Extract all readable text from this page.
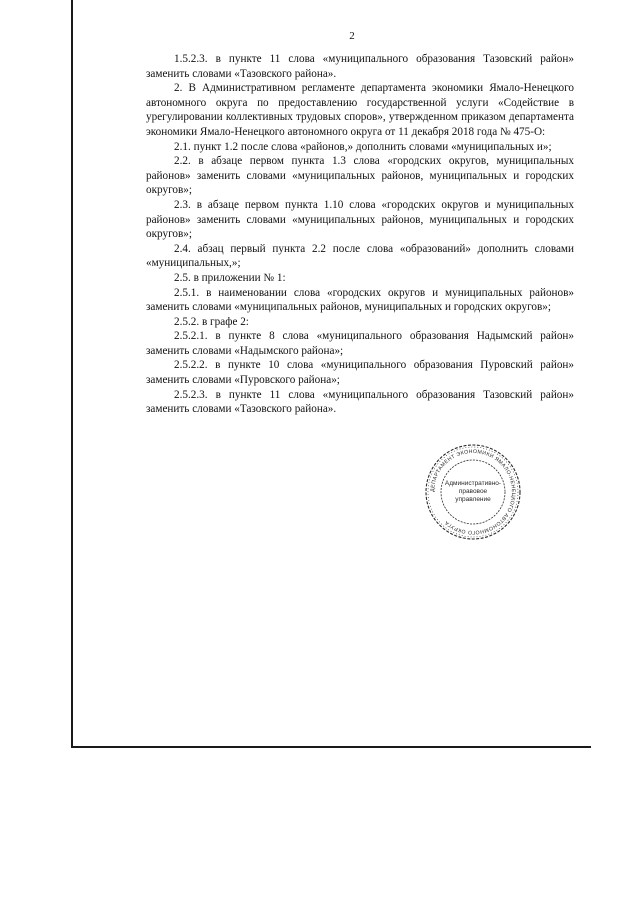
2

1.5.2.3. в пункте 11 слова «муниципального образования Тазовский район» заменить словами «Тазовского района».

2. В Административном регламенте департамента экономики Ямало-Ненецкого автономного округа по предоставлению государственной услуги «Содействие в урегулировании коллективных трудовых споров», утвержденном приказом департамента экономики Ямало-Ненецкого автономного округа от 11 декабря 2018 года № 475-О:

2.1. пункт 1.2 после слова «районов,» дополнить словами «муниципальных и»;

2.2. в абзаце первом пункта 1.3 слова «городских округов, муниципальных районов» заменить словами «муниципальных районов, муниципальных и городских округов»;

2.3. в абзаце первом пункта 1.10 слова «городских округов и муниципальных районов» заменить словами «муниципальных районов, муниципальных и городских округов»;

2.4. абзац первый пункта 2.2 после слова «образований» дополнить словами «муниципальных,»;

2.5. в приложении № 1:

2.5.1. в наименовании слова «городских округов и муниципальных районов» заменить словами «муниципальных районов, муниципальных и городских округов»;

2.5.2. в графе 2:

2.5.2.1. в пункте 8 слова «муниципального образования Надымский район» заменить словами «Надымского района»;

2.5.2.2. в пункте 10 слова «муниципального образования Пуровский район» заменить словами «Пуровского района»;

2.5.2.3. в пункте 11 слова «муниципального образования Тазовский район» заменить словами «Тазовского района».

ДЕПАРТАМЕНТ ЭКОНОМИКИ ЯМАЛО-НЕНЕЦКОГО АВТОНОМНОГО ОКРУГА
Административно-
правовое
управление
